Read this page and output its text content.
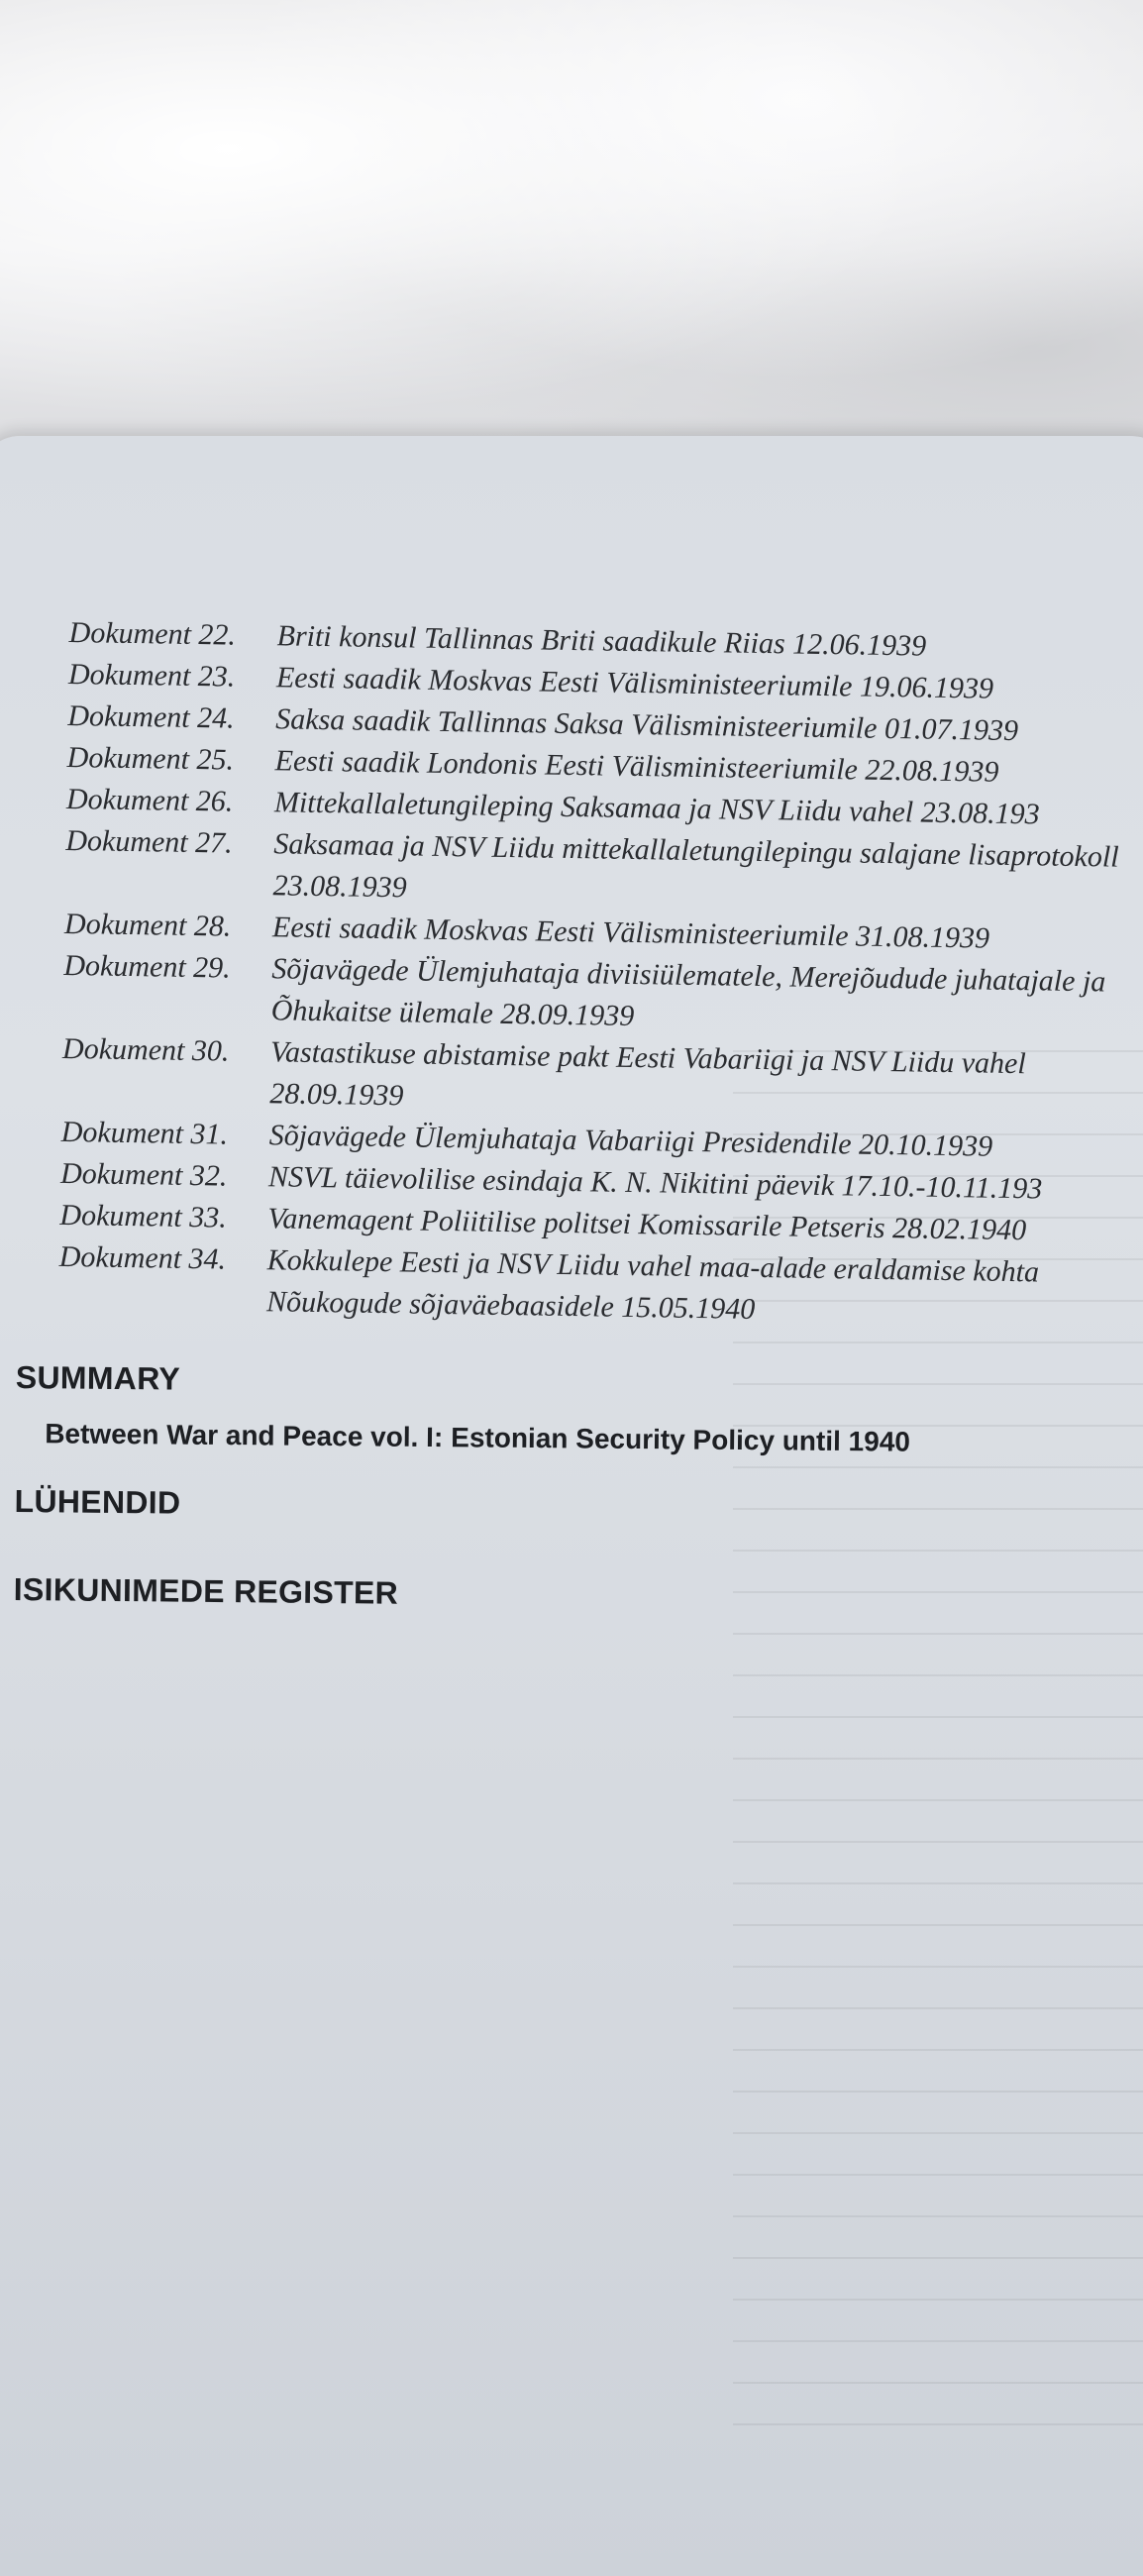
Dokument 22. Briti konsul Tallinnas Briti saadikule Riias 12.06.1939
Dokument 23. Eesti saadik Moskvas Eesti Välisministeeriumile 19.06.1939
Dokument 24. Saksa saadik Tallinnas Saksa Välisministeeriumile 01.07.1939
Dokument 25. Eesti saadik Londonis Eesti Välisministeeriumile 22.08.1939
Dokument 26. Mittekallaletungileping Saksamaa ja NSV Liidu vahel 23.08.193
Dokument 27. Saksamaa ja NSV Liidu mittekallaletungilepingu salajane lisaprotokoll 23.08.1939
Dokument 28. Eesti saadik Moskvas Eesti Välisministeeriumile 31.08.1939
Dokument 29. Sõjavägede Ülemjuhataja diviisiülematele, Merejõudude juhatajale ja Õhukaitse ülemale 28.09.1939
Dokument 30. Vastastikuse abistamise pakt Eesti Vabariigi ja NSV Liidu vahel 28.09.1939
Dokument 31. Sõjavägede Ülemjuhataja Vabariigi Presidendile 20.10.1939
Dokument 32. NSVL täievolilise esindaja K. N. Nikitini päevik 17.10.-10.11.193
Dokument 33. Vanemagent Poliitilise politsei Komissarile Petseris 28.02.1940
Dokument 34. Kokkulepe Eesti ja NSV Liidu vahel maa-alade eraldamise kohta Nõukogude sõjaväebaasidele 15.05.1940

SUMMARY

Between War and Peace vol. I: Estonian Security Policy until 1940

LÜHENDID

ISIKUNIMEDE REGISTER
